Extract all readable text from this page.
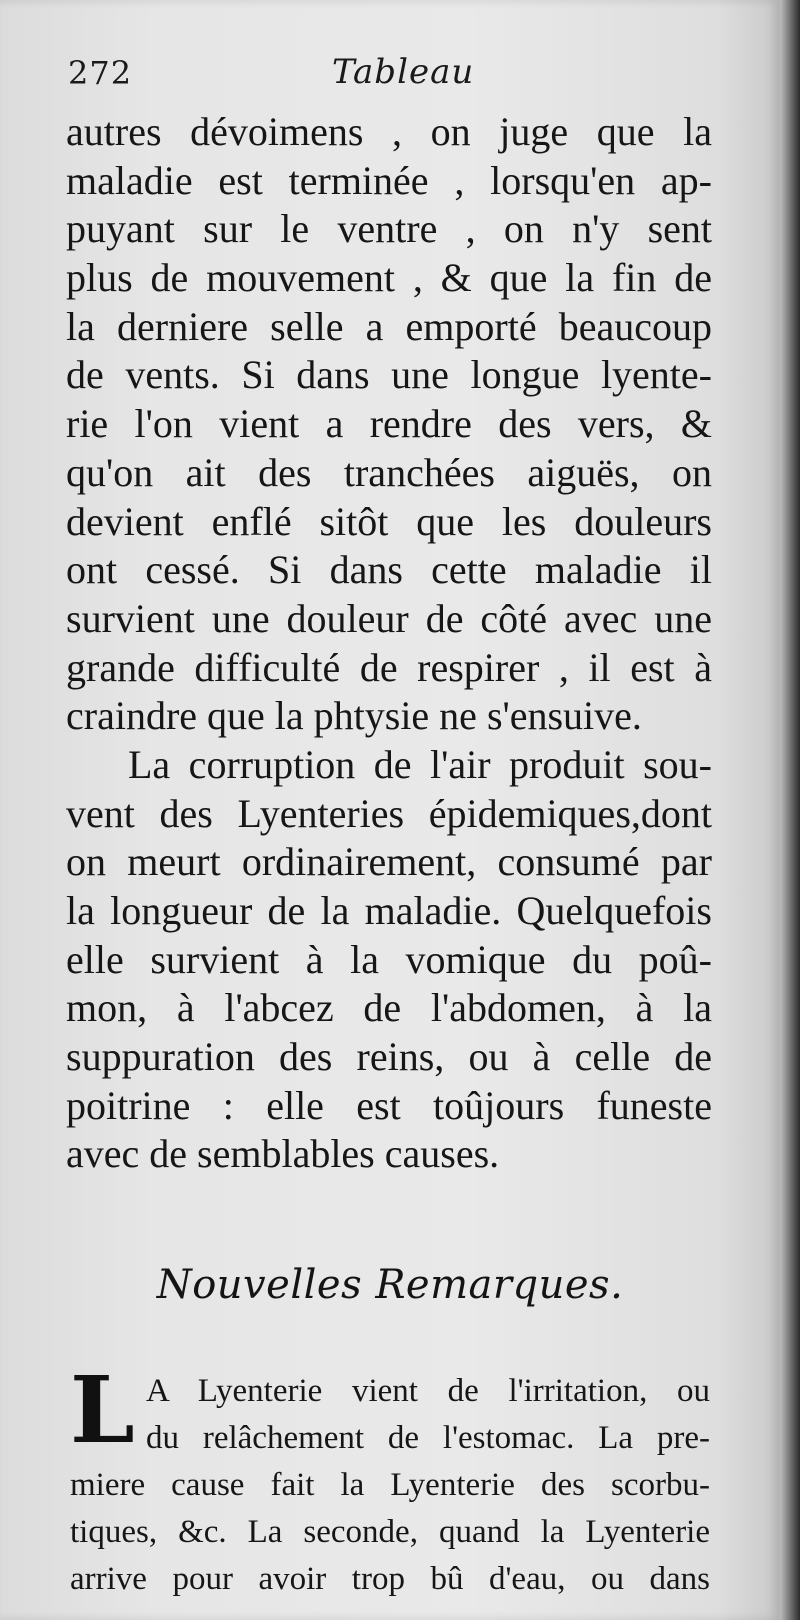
272	Tableau
autres dévoimens , on juge que la
maladie est terminée , lorsqu'en ap-
puyant sur le ventre , on n'y sent
plus de mouvement , & que la fin de
la derniere selle a emporté beaucoup
de vents. Si dans une longue lyente-
rie l'on vient a rendre des vers, &
qu'on ait des tranchées aiguës, on
devient enflé sitôt que les douleurs
ont cessé. Si dans cette maladie il
survient une douleur de côté avec une
grande difficulté de respirer , il est à
craindre que la phtysie ne s'ensuive.
La corruption de l'air produit sou-
vent des Lyenteries épidemiques,dont
on meurt ordinairement, consumé par
la longueur de la maladie. Quelquefois
elle survient à la vomique du poû-
mon, à l'abcez de l'abdomen, à la
suppuration des reins, ou à celle de
poitrine : elle est toûjours funeste
avec de semblables causes.
Nouvelles Remarques.
L A Lyenterie vient de l'irritation, ou
du relâchement de l'estomac. La pre-
miere cause fait la Lyenterie des scorbu-
tiques, &c. La seconde, quand la Lyenterie
arrive pour avoir trop bû d'eau, ou dans
